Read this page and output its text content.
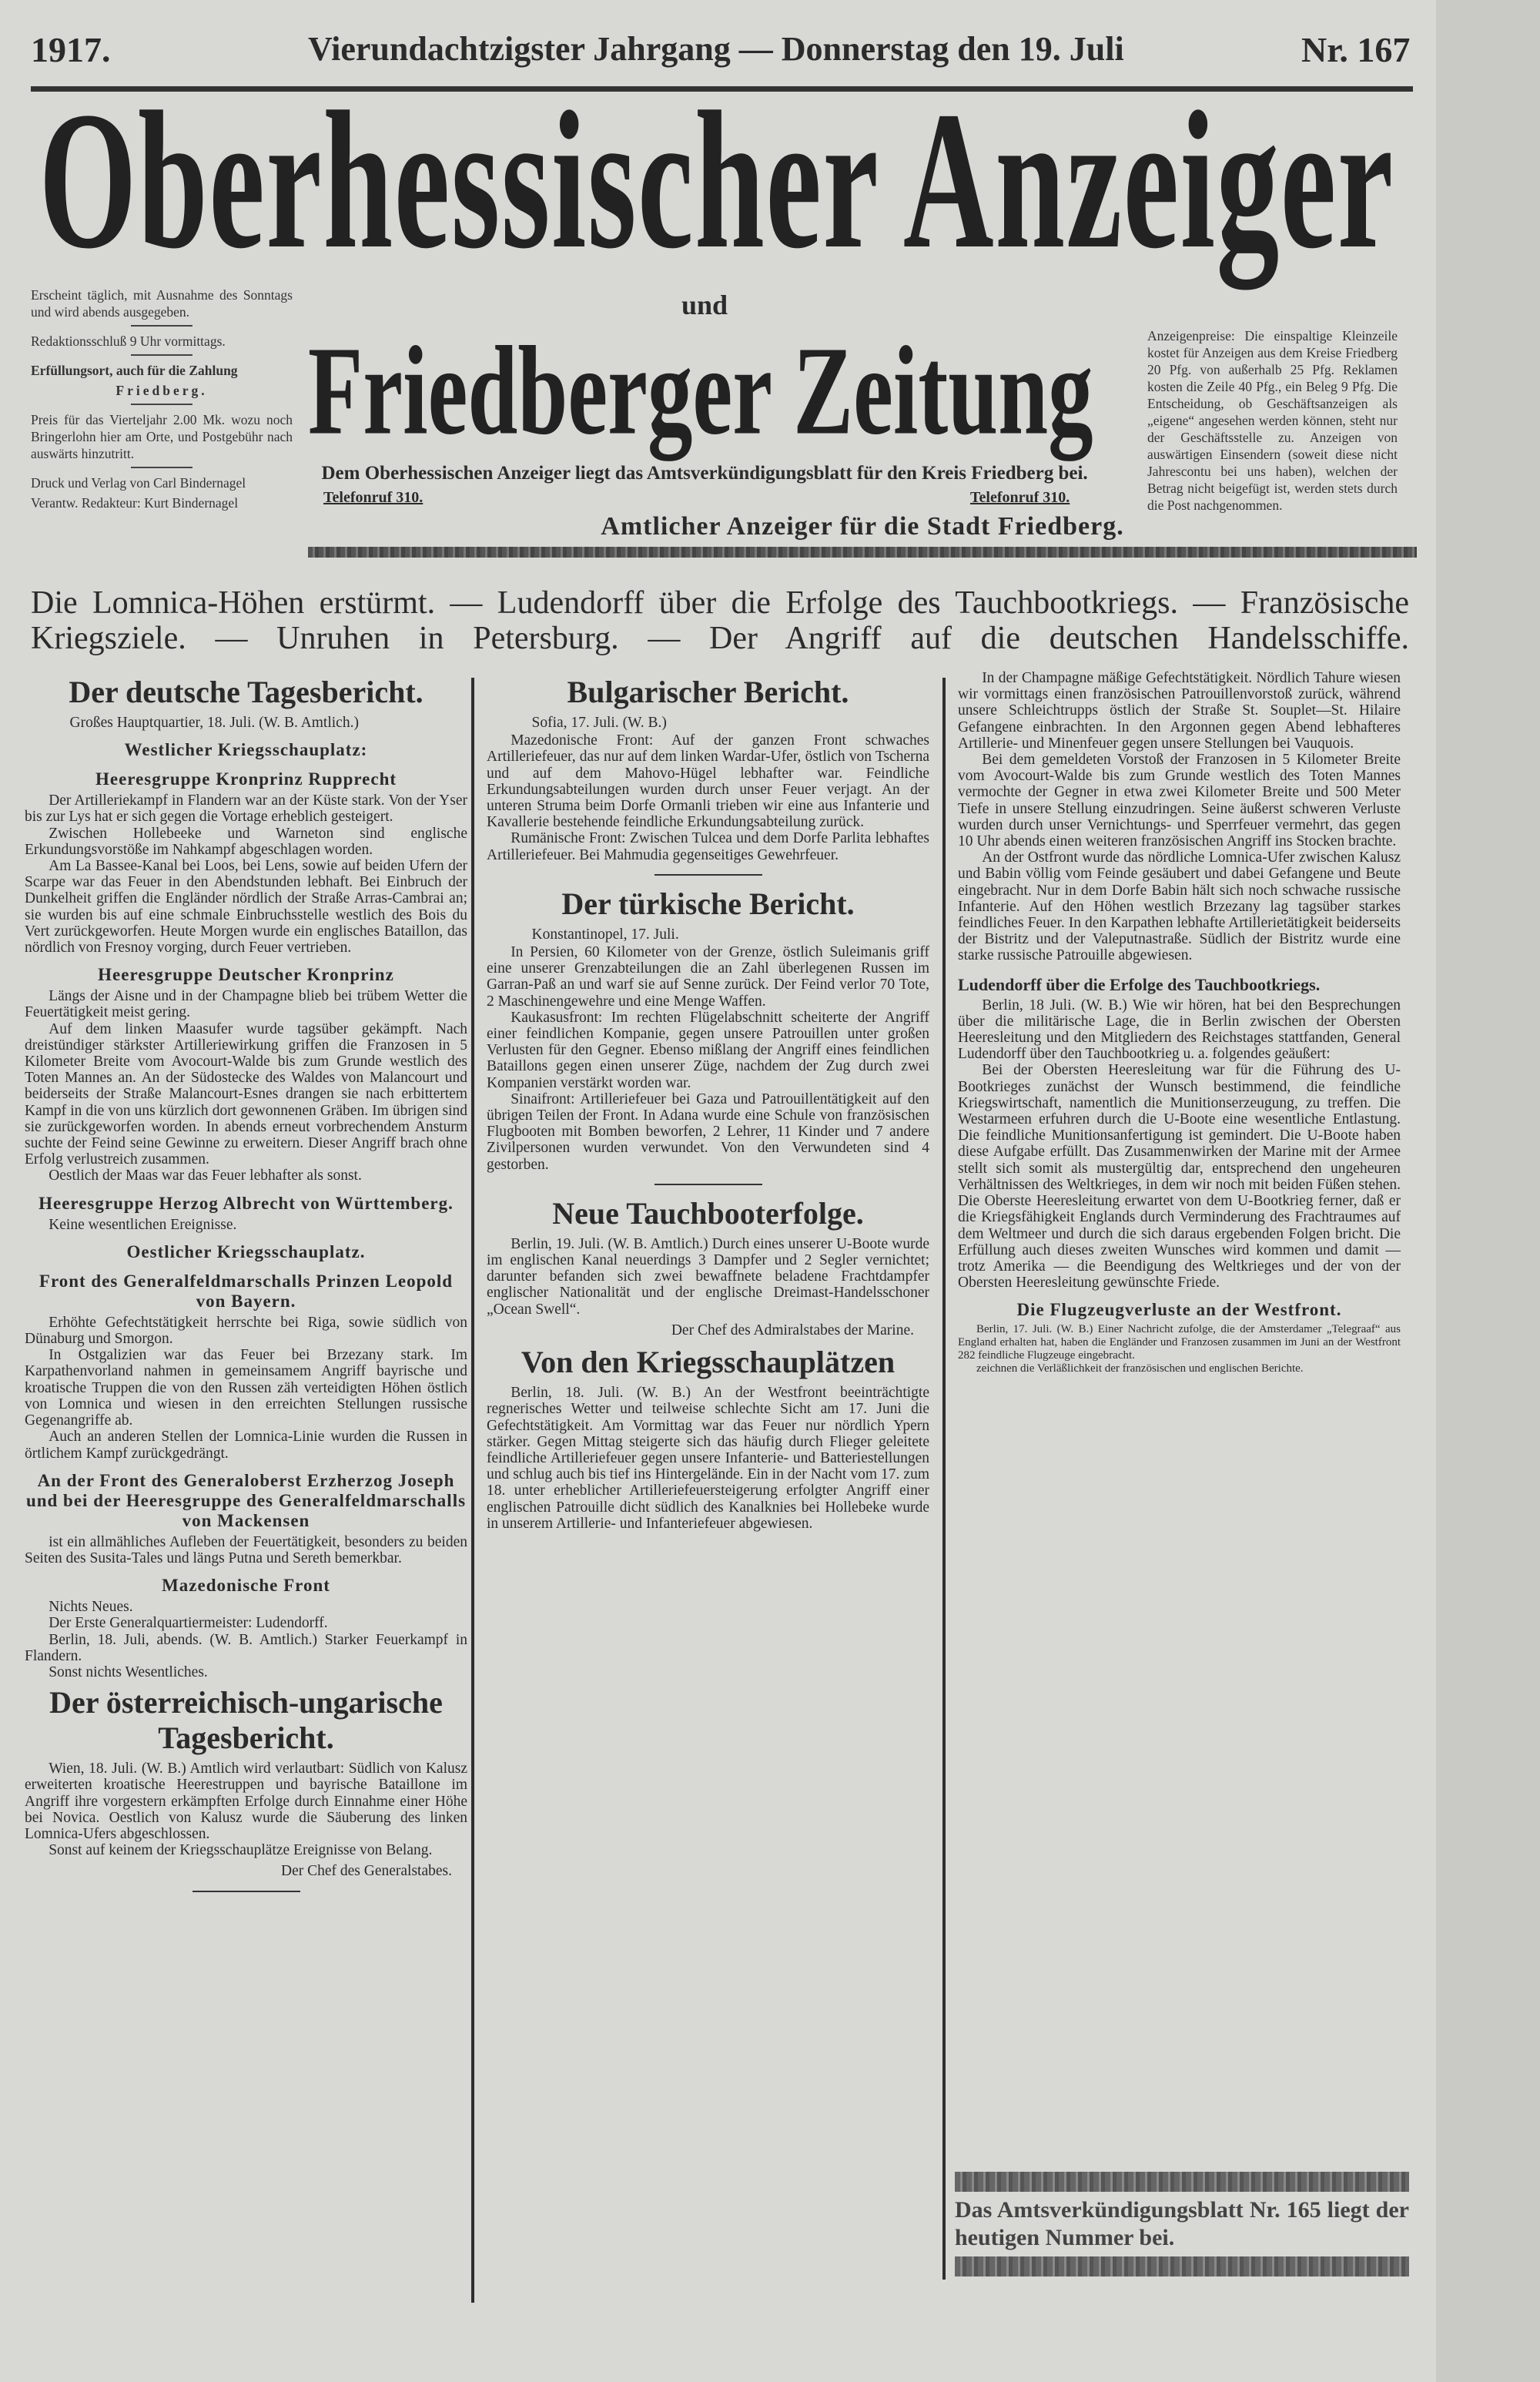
1917.	Vierundachtzigster Jahrgang — Donnerstag den 19. Juli	Nr. 167
Oberhessischer Anzeiger

Erscheint täglich, mit Ausnahme des Sonntags und wird abends ausgegeben.

Redaktionsschluß 9 Uhr vormittags.

Erfüllungsort, auch für die Zahlung

Friedberg.

Preis für das Vierteljahr 2.00 Mk. wozu noch Bringerlohn hier am Orte, und Postgebühr nach auswärts hinzutritt.

Druck und Verlag von Carl Bindernagel

Verantw. Redakteur: Kurt Bindernagel

und
Friedberger Zeitung	Anzeigenpreise: Die einspaltige Kleinzeile kostet für Anzeigen aus dem Kreise Friedberg 20 Pfg. von außerhalb 25 Pfg. Reklamen kosten die Zeile 40 Pfg., ein Beleg 9 Pfg. Die Entscheidung, ob Geschäftsanzeigen als „eigene“ angesehen werden können, steht nur der Geschäftsstelle zu. Anzeigen von auswärtigen Einsendern (soweit diese nicht Jahrescontu bei uns haben), welchen der Betrag nicht beigefügt ist, werden stets durch die Post nachgenommen.

Dem Oberhessischen Anzeiger liegt das Amtsverkündigungsblatt für den Kreis Friedberg bei.
Telefonruf 310.	Telefonruf 310.
Amtlicher Anzeiger für die Stadt Friedberg.
Die Lomnica-Höhen erstürmt. — Ludendorff über die Erfolge des Tauchbootkriegs. — Französische Kriegsziele. — Unruhen in Petersburg. — Der Angriff auf die deutschen Handelsschiffe.
Der deutsche Tagesbericht.

Großes Hauptquartier, 18. Juli. (W. B. Amtlich.)

Westlicher Kriegsschauplatz:
Heeresgruppe Kronprinz Rupprecht

Der Artilleriekampf in Flandern war an der Küste stark. Von der Yser bis zur Lys hat er sich gegen die Vortage erheblich gesteigert.

Zwischen Hollebeeke und Warneton sind englische Erkundungsvorstöße im Nahkampf abgeschlagen worden.

Am La Bassee-Kanal bei Loos, bei Lens, sowie auf beiden Ufern der Scarpe war das Feuer in den Abendstunden lebhaft. Bei Einbruch der Dunkelheit griffen die Engländer nördlich der Straße Arras-Cambrai an; sie wurden bis auf eine schmale Einbruchsstelle westlich des Bois du Vert zurückgeworfen. Heute Morgen wurde ein englisches Bataillon, das nördlich von Fresnoy vorging, durch Feuer vertrieben.

Heeresgruppe Deutscher Kronprinz

Längs der Aisne und in der Champagne blieb bei trübem Wetter die Feuertätigkeit meist gering.

Auf dem linken Maasufer wurde tagsüber gekämpft. Nach dreistündiger stärkster Artilleriewirkung griffen die Franzosen in 5 Kilometer Breite vom Avocourt-Walde bis zum Grunde westlich des Toten Mannes an. An der Südostecke des Waldes von Malancourt und beiderseits der Straße Malancourt-Esnes drangen sie nach erbittertem Kampf in die von uns kürzlich dort gewonnenen Gräben. Im übrigen sind sie zurückgeworfen worden. In abends erneut vorbrechendem Ansturm suchte der Feind seine Gewinne zu erweitern. Dieser Angriff brach ohne Erfolg verlustreich zusammen.

Oestlich der Maas war das Feuer lebhafter als sonst.

Heeresgruppe Herzog Albrecht von Württemberg.

Keine wesentlichen Ereignisse.

Oestlicher Kriegsschauplatz.
Front des Generalfeldmarschalls Prinzen Leopold von Bayern.

Erhöhte Gefechtstätigkeit herrschte bei Riga, sowie südlich von Dünaburg und Smorgon.

In Ostgalizien war das Feuer bei Brzezany stark. Im Karpathenvorland nahmen in gemeinsamem Angriff bayrische und kroatische Truppen die von den Russen zäh verteidigten Höhen östlich von Lomnica und wiesen in den erreichten Stellungen russische Gegenangriffe ab.

Auch an anderen Stellen der Lomnica-Linie wurden die Russen in örtlichem Kampf zurückgedrängt.

An der Front des Generaloberst Erzherzog Joseph und bei der Heeresgruppe des Generalfeldmarschalls von Mackensen

ist ein allmähliches Aufleben der Feuertätigkeit, besonders zu beiden Seiten des Susita-Tales und längs Putna und Sereth bemerkbar.

Mazedonische Front

Nichts Neues.

Der Erste Generalquartiermeister: Ludendorff.

Berlin, 18. Juli, abends. (W. B. Amtlich.) Starker Feuerkampf in Flandern.

Sonst nichts Wesentliches.

Der österreichisch-ungarische Tagesbericht.

Wien, 18. Juli. (W. B.) Amtlich wird verlautbart: Südlich von Kalusz erweiterten kroatische Heerestruppen und bayrische Bataillone im Angriff ihre vorgestern erkämpften Erfolge durch Einnahme einer Höhe bei Novica. Oestlich von Kalusz wurde die Säuberung des linken Lomnica-Ufers abgeschlossen.

Sonst auf keinem der Kriegsschauplätze Ereignisse von Belang.

Der Chef des Generalstabes.

Bulgarischer Bericht.

Sofia, 17. Juli. (W. B.)

Mazedonische Front: Auf der ganzen Front schwaches Artilleriefeuer, das nur auf dem linken Wardar-Ufer, östlich von Tscherna und auf dem Mahovo-Hügel lebhafter war. Feindliche Erkundungsabteilungen wurden durch unser Feuer verjagt. An der unteren Struma beim Dorfe Ormanli trieben wir eine aus Infanterie und Kavallerie bestehende feindliche Erkundungsabteilung zurück.

Rumänische Front: Zwischen Tulcea und dem Dorfe Parlita lebhaftes Artilleriefeuer. Bei Mahmudia gegenseitiges Gewehrfeuer.

Der türkische Bericht.

Konstantinopel, 17. Juli.

In Persien, 60 Kilometer von der Grenze, östlich Suleimanis griff eine unserer Grenzabteilungen die an Zahl überlegenen Russen im Garran-Paß an und warf sie auf Senne zurück. Der Feind verlor 70 Tote, 2 Maschinengewehre und eine Menge Waffen.

Kaukasusfront: Im rechten Flügelabschnitt scheiterte der Angriff einer feindlichen Kompanie, gegen unsere Patrouillen unter großen Verlusten für den Gegner. Ebenso mißlang der Angriff eines feindlichen Bataillons gegen einen unserer Züge, nachdem der Zug durch zwei Kompanien verstärkt worden war.

Sinaifront: Artilleriefeuer bei Gaza und Patrouillentätigkeit auf den übrigen Teilen der Front. In Adana wurde eine Schule von französischen Flugbooten mit Bomben beworfen, 2 Lehrer, 11 Kinder und 7 andere Zivilpersonen wurden verwundet. Von den Verwundeten sind 4 gestorben.

Neue Tauchbooterfolge.

Berlin, 19. Juli. (W. B. Amtlich.) Durch eines unserer U-Boote wurde im englischen Kanal neuerdings 3 Dampfer und 2 Segler vernichtet; darunter befanden sich zwei bewaffnete beladene Frachtdampfer englischer Nationalität und der englische Dreimast-Handelsschoner „Ocean Swell“.

Der Chef des Admiralstabes der Marine.

Von den Kriegsschauplätzen

Berlin, 18. Juli. (W. B.) An der Westfront beeinträchtigte regnerisches Wetter und teilweise schlechte Sicht am 17. Juni die Gefechtstätigkeit. Am Vormittag war das Feuer nur nördlich Ypern stärker. Gegen Mittag steigerte sich das häufig durch Flieger geleitete feindliche Artilleriefeuer gegen unsere Infanterie- und Batteriestellungen und schlug auch bis tief ins Hintergelände. Ein in der Nacht vom 17. zum 18. unter erheblicher Artilleriefeuersteigerung erfolgter Angriff einer englischen Patrouille dicht südlich des Kanalknies bei Hollebeke wurde in unserem Artillerie- und Infanteriefeuer abgewiesen.

In der Champagne mäßige Gefechtstätigkeit. Nördlich Tahure wiesen wir vormittags einen französischen Patrouillenvorstoß zurück, während unsere Schleichtrupps östlich der Straße St. Souplet—St. Hilaire Gefangene einbrachten. In den Argonnen gegen Abend lebhafteres Artillerie- und Minenfeuer gegen unsere Stellungen bei Vauquois.

Bei dem gemeldeten Vorstoß der Franzosen in 5 Kilometer Breite vom Avocourt-Walde bis zum Grunde westlich des Toten Mannes vermochte der Gegner in etwa zwei Kilometer Breite und 500 Meter Tiefe in unsere Stellung einzudringen. Seine äußerst schweren Verluste wurden durch unser Vernichtungs- und Sperrfeuer vermehrt, das gegen 10 Uhr abends einen weiteren französischen Angriff ins Stocken brachte.

An der Ostfront wurde das nördliche Lomnica-Ufer zwischen Kalusz und Babin völlig vom Feinde gesäubert und dabei Gefangene und Beute eingebracht. Nur in dem Dorfe Babin hält sich noch schwache russische Infanterie. Auf den Höhen westlich Brzezany lag tagsüber starkes feindliches Feuer. In den Karpathen lebhafte Artillerietätigkeit beiderseits der Bistritz und der Valeputnastraße. Südlich der Bistritz wurde eine starke russische Patrouille abgewiesen.

Ludendorff über die Erfolge des Tauchbootkriegs.

Berlin, 18 Juli. (W. B.) Wie wir hören, hat bei den Besprechungen über die militärische Lage, die in Berlin zwischen der Obersten Heeresleitung und den Mitgliedern des Reichstages stattfanden, General Ludendorff über den Tauchbootkrieg u. a. folgendes geäußert:

Bei der Obersten Heeresleitung war für die Führung des U-Bootkrieges zunächst der Wunsch bestimmend, die feindliche Kriegswirtschaft, namentlich die Munitionserzeugung, zu treffen. Die Westarmeen erfuhren durch die U-Boote eine wesentliche Entlastung. Die feindliche Munitionsanfertigung ist gemindert. Die U-Boote haben diese Aufgabe erfüllt. Das Zusammenwirken der Marine mit der Armee stellt sich somit als mustergültig dar, entsprechend den ungeheuren Verhältnissen des Weltkrieges, in dem wir noch mit beiden Füßen stehen. Die Oberste Heeresleitung erwartet von dem U-Bootkrieg ferner, daß er die Kriegsfähigkeit Englands durch Verminderung des Frachtraumes auf dem Weltmeer und durch die sich daraus ergebenden Folgen bricht. Die Erfüllung auch dieses zweiten Wunsches wird kommen und damit — trotz Amerika — die Beendigung des Weltkrieges und der von der Obersten Heeresleitung gewünschte Friede.

Die Flugzeugverluste an der Westfront.

Berlin, 17. Juli. (W. B.) Einer Nachricht zufolge, die der Amsterdamer „Telegraaf“ aus England erhalten hat, haben die Engländer und Franzosen zusammen im Juni an der Westfront 282 feindliche Flugzeuge eingebracht.

zeichnen die Verläßlichkeit der französischen und englischen Berichte.

Das Amtsverkündigungsblatt Nr. 165 liegt der heutigen Nummer bei.
